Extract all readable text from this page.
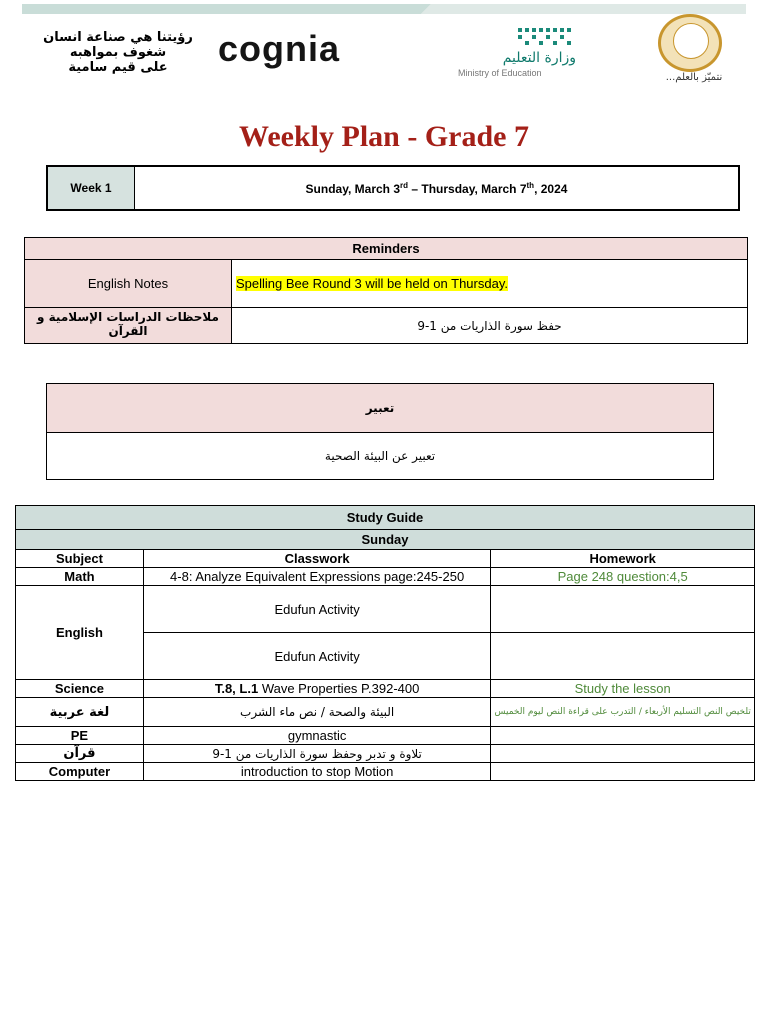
رؤيتنا هي صناعة انسان
شغوف بمواهبه
على قيم سامية	cognia	وزارة التعليم
Ministry of Education	نتميّز بالعلم...
Weekly Plan - Grade 7
Week 1	Sunday, March 3rd – Thursday, March 7th, 2024
Reminders	
English Notes	Spelling Bee Round 3 will be held on Thursday.
ملاحظات الدراسات الإسلامية و القرآن	حفظ سورة الذاريات من 1-9
تعبير
تعبير عن البيئة الصحية
Study Guide		
Sunday		
Subject	Classwork	Homework
Math	4-8: Analyze Equivalent Expressions page:245-250	Page 248 question:4,5
English	Edufun Activity	
	Edufun Activity	
Science	T.8, L.1 Wave Properties P.392-400	Study the lesson
لغة عربية	البيئة والصحة / نص ماء الشرب	تلخيص النص التسليم الأربعاء / التدرب على قراءة النص ليوم الخميس
PE	gymnastic	
قرآن	تلاوة و تدبر وحفظ سورة الذاريات من 1-9	
Computer	introduction to stop Motion	
